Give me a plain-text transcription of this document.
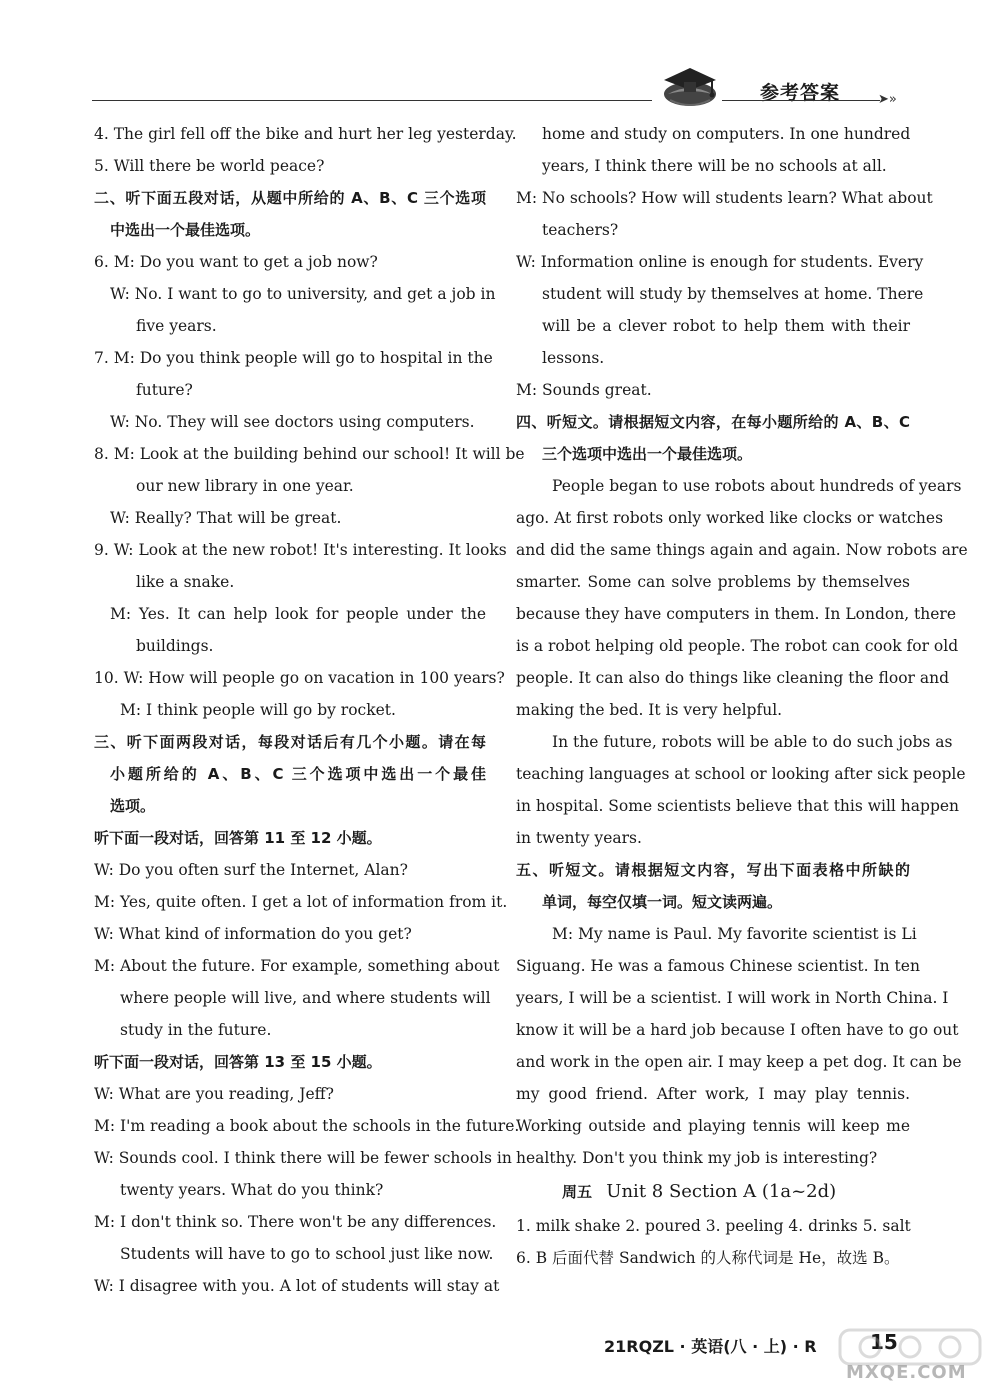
参考答案	➤»
4. The girl fell off the bike and hurt her leg yesterday.
5. Will there be world peace?
二、听下面五段对话，从题中所给的 A、B、C 三个选项
中选出一个最佳选项。
6. M: Do you want to get a job now?
W: No. I want to go to university, and get a job in
five years.
7. M: Do you think people will go to hospital in the
future?
W: No. They will see doctors using computers.
8. M: Look at the building behind our school! It will be
our new library in one year.
W: Really? That will be great.
9. W: Look at the new robot! It's interesting. It looks
like a snake.
M: Yes. It can help look for people under the
buildings.
10. W: How will people go on vacation in 100 years?
M: I think people will go by rocket.
三、听下面两段对话，每段对话后有几个小题。请在每
小题所给的 A、B、C 三个选项中选出一个最佳
选项。
听下面一段对话，回答第 11 至 12 小题。
W: Do you often surf the Internet, Alan?
M: Yes, quite often. I get a lot of information from it.
W: What kind of information do you get?
M: About the future. For example, something about
where people will live, and where students will
study in the future.
听下面一段对话，回答第 13 至 15 小题。
W: What are you reading, Jeff?
M: I'm reading a book about the schools in the future.
W: Sounds cool. I think there will be fewer schools in
twenty years. What do you think?
M: I don't think so. There won't be any differences.
Students will have to go to school just like now.
W: I disagree with you. A lot of students will stay at
home and study on computers. In one hundred
years, I think there will be no schools at all.
M: No schools? How will students learn? What about
teachers?
W: Information online is enough for students. Every
student will study by themselves at home. There
will be a clever robot to help them with their
lessons.
M: Sounds great.
四、听短文。请根据短文内容，在每小题所给的 A、B、C
三个选项中选出一个最佳选项。
People began to use robots about hundreds of years
ago. At first robots only worked like clocks or watches
and did the same things again and again. Now robots are
smarter. Some can solve problems by themselves
because they have computers in them. In London, there
is a robot helping old people. The robot can cook for old
people. It can also do things like cleaning the floor and
making the bed. It is very helpful.
In the future, robots will be able to do such jobs as
teaching languages at school or looking after sick people
in hospital. Some scientists believe that this will happen
in twenty years.
五、听短文。请根据短文内容，写出下面表格中所缺的
单词，每空仅填一词。短文读两遍。
M: My name is Paul. My favorite scientist is Li
Siguang. He was a famous Chinese scientist. In ten
years, I will be a scientist. I will work in North China. I
know it will be a hard job because I often have to go out
and work in the open air. I may keep a pet dog. It can be
my good friend. After work, I may play tennis.
Working outside and playing tennis will keep me
healthy. Don't you think my job is interesting?
周五 Unit 8 Section A (1a~2d)
1. milk shake 2. poured 3. peeling 4. drinks 5. salt
6. B 后面代替 Sandwich 的人称代词是 He，故选 B。
21RQZL · 英语(八 · 上) · R	15
MXQE.COM
